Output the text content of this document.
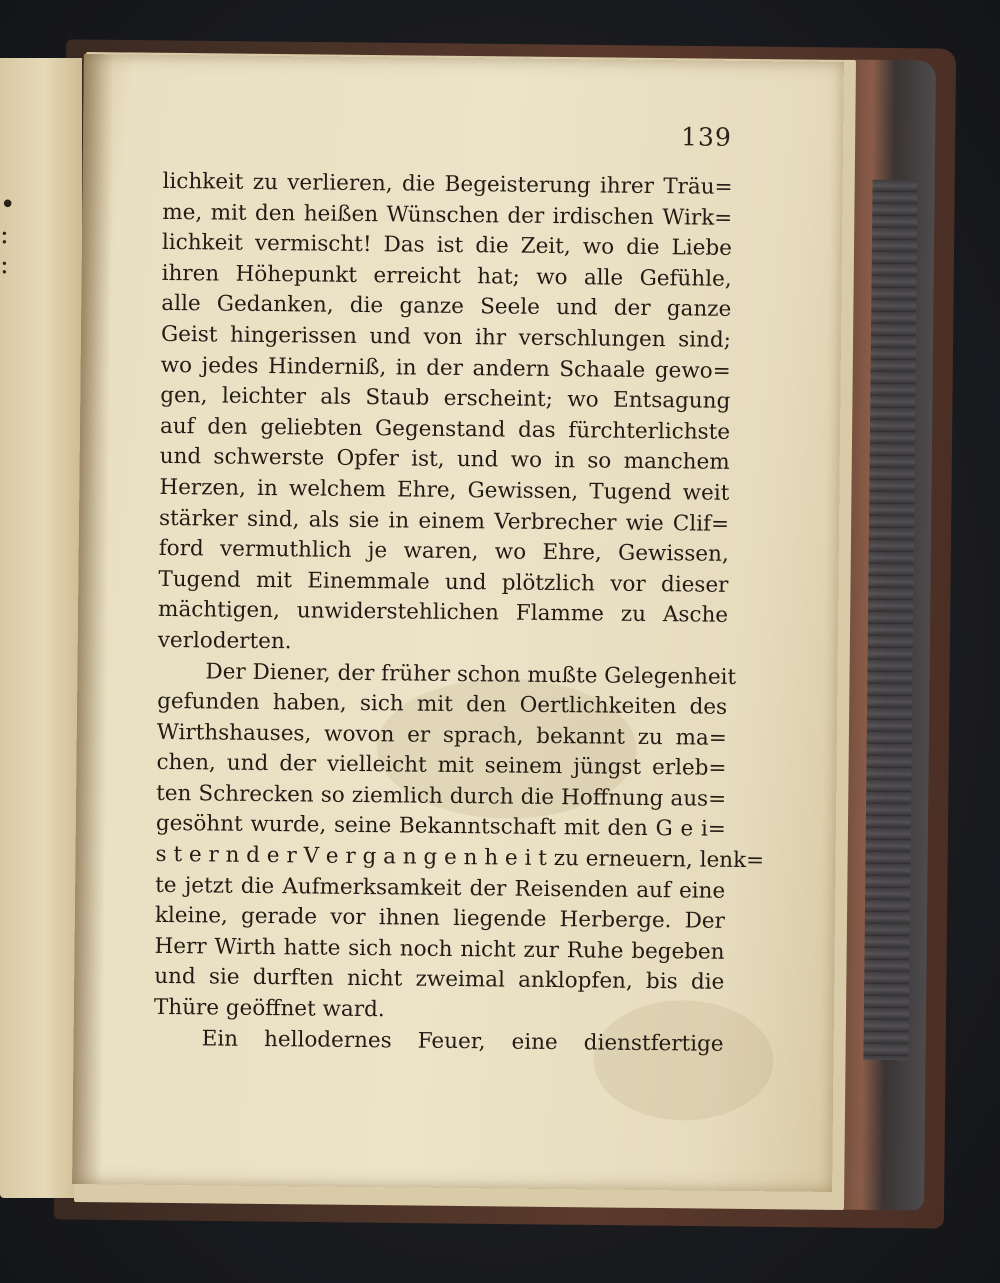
•
:
:
139
lichkeit zu verlieren, die Begeisterung ihrer Träu=
me, mit den heißen Wünschen der irdischen Wirk=
lichkeit vermischt! Das ist die Zeit, wo die Liebe
ihren Höhepunkt erreicht hat; wo alle Gefühle,
alle Gedanken, die ganze Seele und der ganze
Geist hingerissen und von ihr verschlungen sind;
wo jedes Hinderniß, in der andern Schaale gewo=
gen, leichter als Staub erscheint; wo Entsagung
auf den geliebten Gegenstand das fürchterlichste
und schwerste Opfer ist, und wo in so manchem
Herzen, in welchem Ehre, Gewissen, Tugend weit
stärker sind, als sie in einem Verbrecher wie Clif=
ford vermuthlich je waren, wo Ehre, Gewissen,
Tugend mit Einemmale und plötzlich vor dieser
mächtigen, unwiderstehlichen Flamme zu Asche
verloderten.
Der Diener, der früher schon mußte Gelegenheit
gefunden haben, sich mit den Oertlichkeiten des
Wirthshauses, wovon er sprach, bekannt zu ma=
chen, und der vielleicht mit seinem jüngst erleb=
ten Schrecken so ziemlich durch die Hoffnung aus=
gesöhnt wurde, seine Bekanntschaft mit den G e i=
s t e r n d e r V e r g a n g e n h e i t zu erneuern, lenk=
te jetzt die Aufmerksamkeit der Reisenden auf eine
kleine, gerade vor ihnen liegende Herberge. Der
Herr Wirth hatte sich noch nicht zur Ruhe begeben
und sie durften nicht zweimal anklopfen, bis die
Thüre geöffnet ward.
Ein hellodernes Feuer, eine dienstfertige
